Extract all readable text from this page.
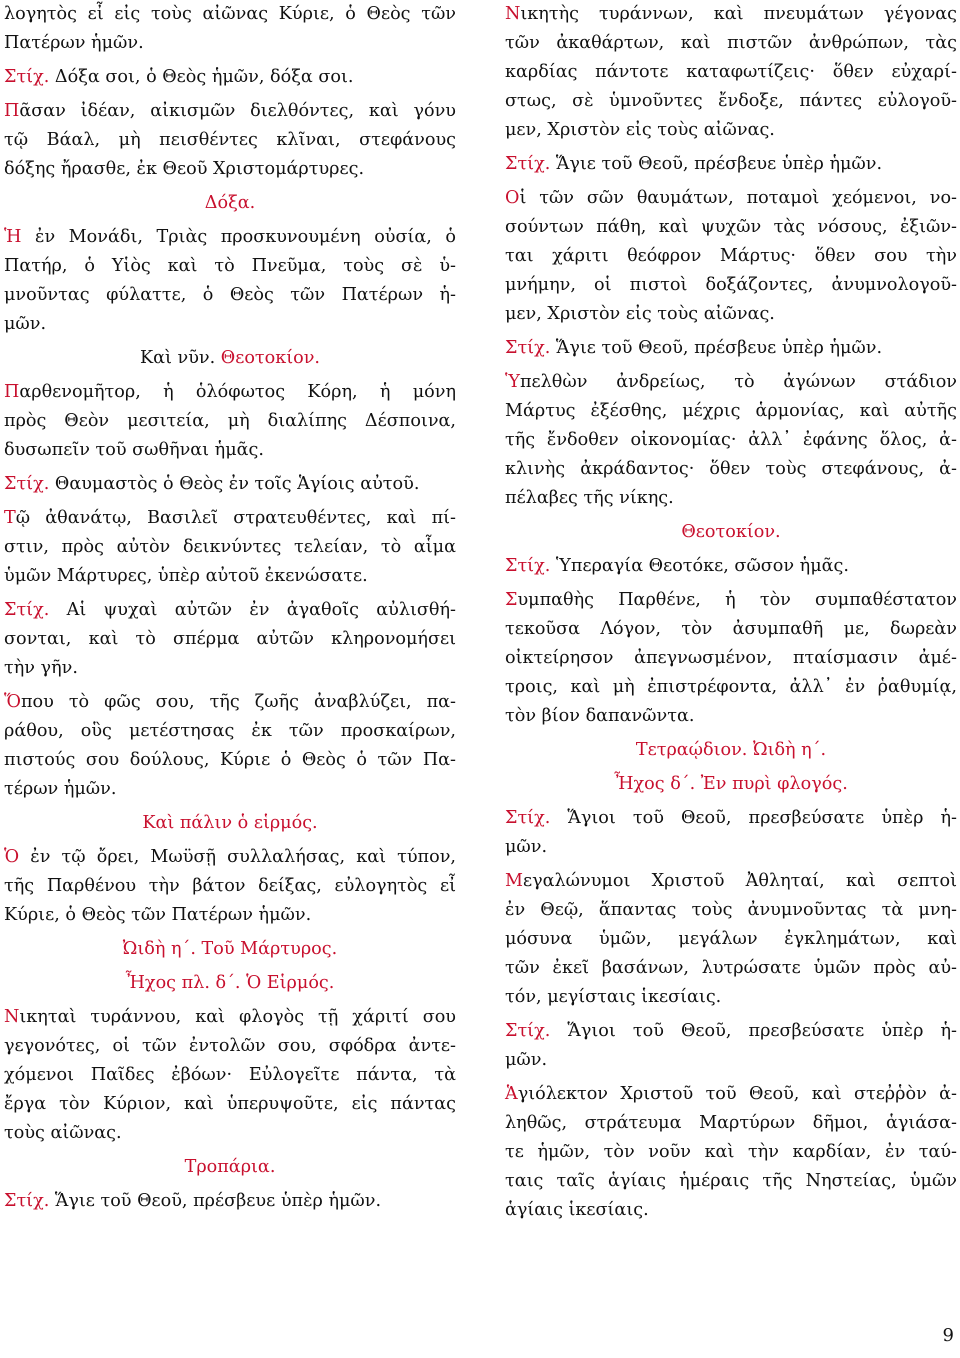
λογητὸς εἶ εἰς τοὺς αἰῶνας Κύριε, ὁ Θεὸς τῶν
Πατέρων ἡμῶν.
Στίχ. Δόξα σοι, ὁ Θεὸς ἡμῶν, δόξα σοι.
Πᾶσαν ἰδέαν, αἰκισμῶν διελθόντες, καὶ γόνυ
τῷ Βάαλ, μὴ πεισθέντες κλῖναι, στεφάνους
δόξης ἤρασθε, ἐκ Θεοῦ Χριστομάρτυρες.
Δόξα.
Ἡ ἐν Μονάδι, Τριὰς προσκυνουμένη οὐσία, ὁ
Πατήρ, ὁ Υἱὸς καὶ τὸ Πνεῦμα, τοὺς σὲ ὑ-
μνοῦντας φύλαττε, ὁ Θεὸς τῶν Πατέρων ἡ-
μῶν.
Καὶ νῦν. Θεοτοκίον.
Παρθενομῆτορ, ἡ ὁλόφωτος Κόρη, ἡ μόνη
πρὸς Θεὸν μεσιτεία, μὴ διαλίπης Δέσποινα,
δυσωπεῖν τοῦ σωθῆναι ἡμᾶς.
Στίχ. Θαυμαστὸς ὁ Θεὸς ἐν τοῖς Ἁγίοις αὐτοῦ.
Τῷ ἀθανάτῳ, Βασιλεῖ στρατευθέντες, καὶ πί-
στιν, πρὸς αὐτὸν δεικνύντες τελείαν, τὸ αἷμα
ὑμῶν Μάρτυρες, ὑπὲρ αὐτοῦ ἐκενώσατε.
Στίχ. Αἱ ψυχαὶ αὐτῶν ἐν ἀγαθοῖς αὐλισθή-
σονται, καὶ τὸ σπέρμα αὐτῶν κληρονομήσει
τὴν γῆν.
Ὅπου τὸ φῶς σου, τῆς ζωῆς ἀναβλύζει, πα-
ράθου, οὓς μετέστησας ἐκ τῶν προσκαίρων,
πιστούς σου δούλους, Κύριε ὁ Θεὸς ὁ τῶν Πα-
τέρων ἡμῶν.
Καὶ πάλιν ὁ εἱρμός.
Ὁ ἐν τῷ ὄρει, Μωϋσῇ συλλαλήσας, καὶ τύπον,
τῆς Παρθένου τὴν βάτον δείξας, εὐλογητὸς εἶ
Κύριε, ὁ Θεὸς τῶν Πατέρων ἡμῶν.
Ὠιδὴ η΄. Τοῦ Μάρτυρος.
Ἦχος πλ. δ΄. Ὁ Εἱρμός.
Νικηταὶ τυράννου, καὶ φλογὸς τῇ χάριτί σου
γεγονότες, οἱ τῶν ἐντολῶν σου, σφόδρα ἀντε-
χόμενοι Παῖδες ἐβόων· Εὐλογεῖτε πάντα, τὰ
ἔργα τὸν Κύριον, καὶ ὑπερυψοῦτε, εἰς πάντας
τοὺς αἰῶνας.
Τροπάρια.
Στίχ. Ἅγιε τοῦ Θεοῦ, πρέσβευε ὑπὲρ ἡμῶν.
Νικητὴς τυράννων, καὶ πνευμάτων γέγονας
τῶν ἀκαθάρτων, καὶ πιστῶν ἀνθρώπων, τὰς
καρδίας πάντοτε καταφωτίζεις· ὅθεν εὐχαρί-
στως, σὲ ὑμνοῦντες ἔνδοξε, πάντες εὐλογοῦ-
μεν, Χριστὸν εἰς τοὺς αἰῶνας.
Στίχ. Ἅγιε τοῦ Θεοῦ, πρέσβευε ὑπὲρ ἡμῶν.
Οἱ τῶν σῶν θαυμάτων, ποταμοὶ χεόμενοι, νο-
σούντων πάθη, καὶ ψυχῶν τὰς νόσους, ἐξιῶν-
ται χάριτι θεόφρον Μάρτυς· ὅθεν σου τὴν
μνήμην, οἱ πιστοὶ δοξάζοντες, ἀνυμνολογοῦ-
μεν, Χριστὸν εἰς τοὺς αἰῶνας.
Στίχ. Ἅγιε τοῦ Θεοῦ, πρέσβευε ὑπὲρ ἡμῶν.
Ὑπελθὼν ἀνδρείως, τὸ ἀγώνων στάδιον
Μάρτυς ἐξέσθης, μέχρις ἁρμονίας, καὶ αὐτῆς
τῆς ἔνδοθεν οἰκονομίας· ἀλλ᾽ ἐφάνης ὅλος, ἀ-
κλινὴς ἀκράδαντος· ὅθεν τοὺς στεφάνους, ἀ-
πέλαβες τῆς νίκης.
Θεοτοκίον.
Στίχ. Ὑπεραγία Θεοτόκε, σῶσον ἡμᾶς.
Συμπαθὴς Παρθένε, ἡ τὸν συμπαθέστατον
τεκοῦσα Λόγον, τὸν ἀσυμπαθῆ με, δωρεὰν
οἰκτείρησον ἀπεγνωσμένον, πταίσμασιν ἀμέ-
τροις, καὶ μὴ ἐπιστρέφοντα, ἀλλ᾽ ἐν ῥαθυμίᾳ,
τὸν βίον δαπανῶντα.
Τετραῴδιον. Ὠιδὴ η΄.
Ἦχος δ΄. Ἐν πυρὶ φλογός.
Στίχ. Ἅγιοι τοῦ Θεοῦ, πρεσβεύσατε ὑπὲρ ἡ-
μῶν.
Μεγαλώνυμοι Χριστοῦ Ἀθληταί, καὶ σεπτοὶ
ἐν Θεῷ, ἅπαντας τοὺς ἀνυμνοῦντας τὰ μνη-
μόσυνα ὑμῶν, μεγάλων ἐγκλημάτων, καὶ
τῶν ἐκεῖ βασάνων, λυτρώσατε ὑμῶν πρὸς αὐ-
τόν, μεγίσταις ἱκεσίαις.
Στίχ. Ἅγιοι τοῦ Θεοῦ, πρεσβεύσατε ὑπὲρ ἡ-
μῶν.
Ἁγιόλεκτον Χριστοῦ τοῦ Θεοῦ, καὶ στεῤῥὸν ἀ-
ληθῶς, στράτευμα Μαρτύρων δῆμοι, ἁγιάσα-
τε ἡμῶν, τὸν νοῦν καὶ τὴν καρδίαν, ἐν ταύ-
ταις ταῖς ἁγίαις ἡμέραις τῆς Νηστείας, ὑμῶν
ἁγίαις ἱκεσίαις.
9
